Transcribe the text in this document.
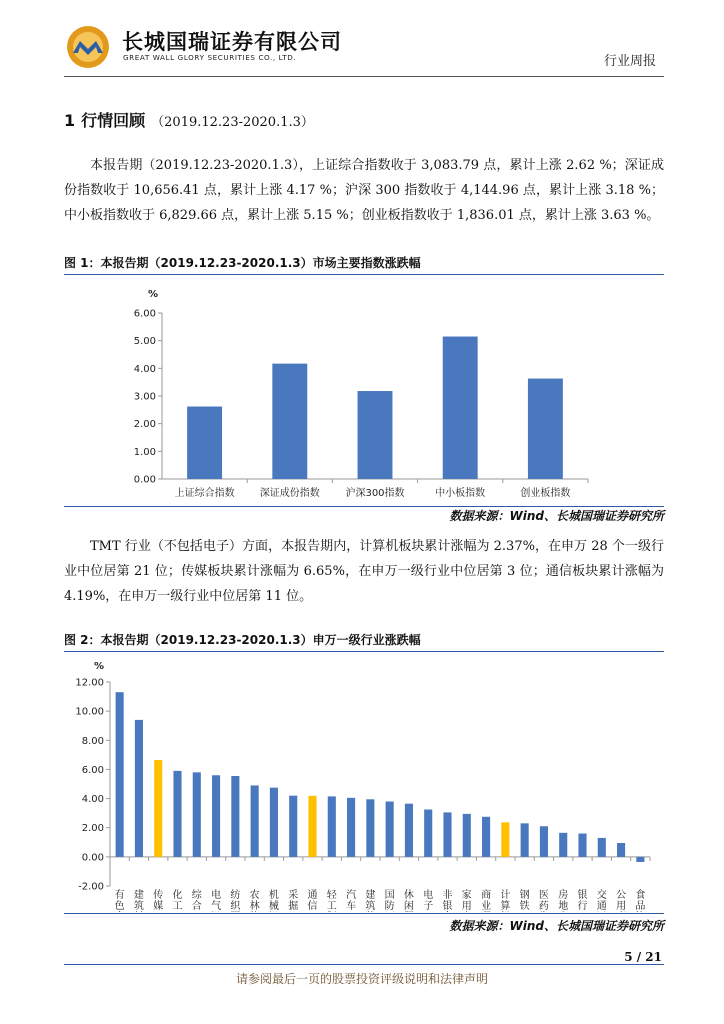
长城国瑞证券有限公司
GREAT WALL GLORY SECURITIES CO., LTD.	行业周报
1 行情回顾 （2019.12.23-2020.1.3）

本报告期（2019.12.23-2020.1.3），上证综合指数收于 3,083.79 点，累计上涨 2.62 %；深证成份指数收于 10,656.41 点，累计上涨 4.17 %；沪深 300 指数收于 4,144.96 点，累计上涨 3.18 %；中小板指数收于 6,829.66 点，累计上涨 5.15 %；创业板指数收于 1,836.01 点，累计上涨 3.63 %。

图 1：本报告期（2019.12.23-2020.1.3）市场主要指数涨跌幅
%
0.00
1.00
2.00
3.00
4.00
5.00
6.00
上证综合指数	深证成份指数	沪深300指数	中小板指数	创业板指数
数据来源：Wind、长城国瑞证券研究所

TMT 行业（不包括电子）方面，本报告期内，计算机板块累计涨幅为 2.37%，在申万 28 个一级行业中位居第 21 位；传媒板块累计涨幅为 6.65%，在申万一级行业中位居第 3 位；通信板块累计涨幅为 4.19%，在申万一级行业中位居第 11 位。

图 2：本报告期（2019.12.23-2020.1.3）申万一级行业涨跌幅
%
-2.00
0.00
2.00
4.00
6.00
8.00
10.00
12.00
有色
建筑
传媒
化工
综合
电气
纺织
农林
机械
采掘
通信
轻工
汽车
建筑
国防
休闲
电子
非银
家用
商业
计算
钢铁
医药
房地
银行
交通
公用
食品
数据来源：Wind、长城国瑞证券研究所
5 / 21
请参阅最后一页的股票投资评级说明和法律声明
